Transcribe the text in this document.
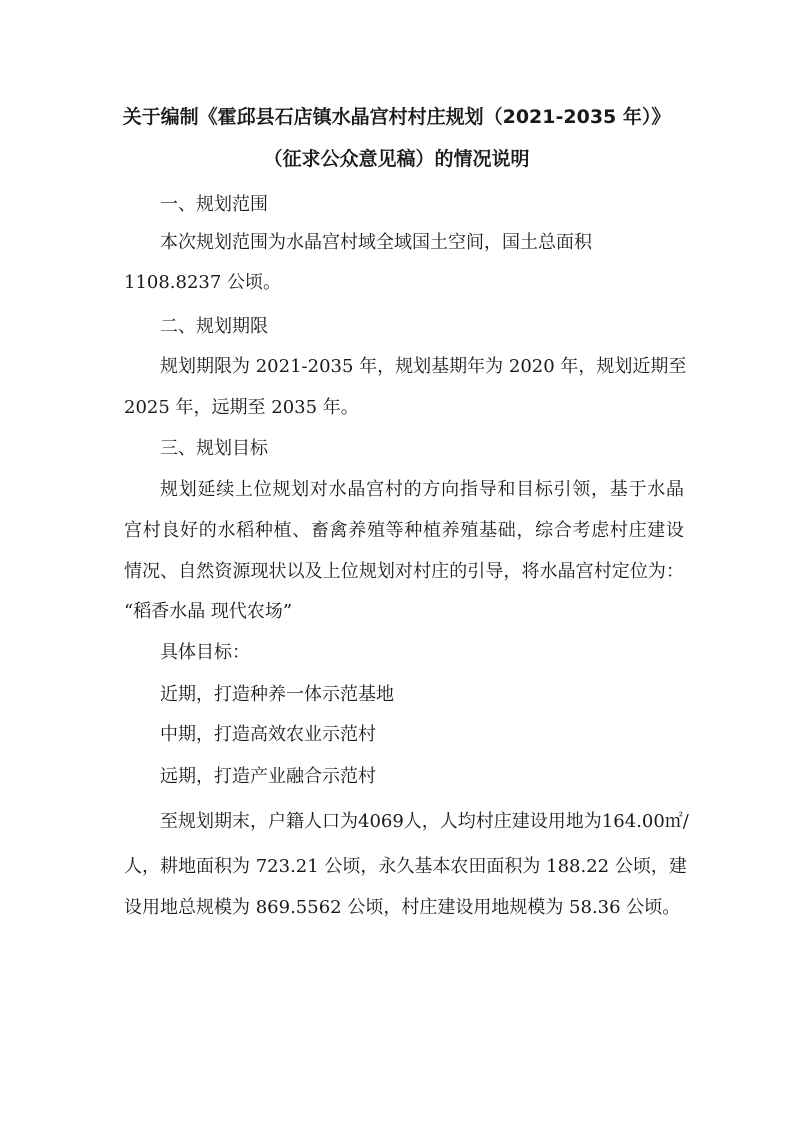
关于编制《霍邱县石店镇水晶宫村村庄规划（2021-2035 年）》
（征求公众意见稿）的情况说明
一、规划范围
本次规划范围为水晶宫村域全域国土空间，国土总面积
1108.8237 公顷。
二、规划期限
规划期限为 2021-2035 年，规划基期年为 2020 年，规划近期至
2025 年，远期至 2035 年。
三、规划目标
规划延续上位规划对水晶宫村的方向指导和目标引领，基于水晶
宫村良好的水稻种植、畜禽养殖等种植养殖基础，综合考虑村庄建设
情况、自然资源现状以及上位规划对村庄的引导，将水晶宫村定位为：
“稻香水晶 现代农场”
具体目标：
近期，打造种养一体示范基地
中期，打造高效农业示范村
远期，打造产业融合示范村
至规划期末，户籍人口为4069人，人均村庄建设用地为164.00㎡/
人，耕地面积为 723.21 公顷，永久基本农田面积为 188.22 公顷，建
设用地总规模为 869.5562 公顷，村庄建设用地规模为 58.36 公顷。
